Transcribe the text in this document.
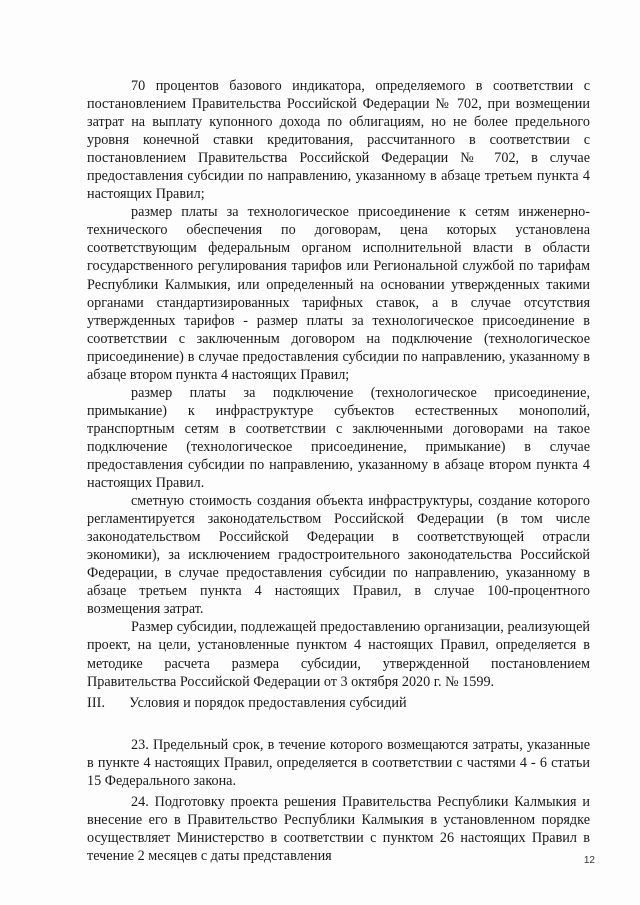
70 процентов базового индикатора, определяемого в соответствии с постановлением Правительства Российской Федерации № 702, при возмещении затрат на выплату купонного дохода по облигациям, но не более предельного уровня конечной ставки кредитования, рассчитанного в соответствии с постановлением Правительства Российской Федерации № 702, в случае предоставления субсидии по направлению, указанному в абзаце третьем пункта 4 настоящих Правил;

размер платы за технологическое присоединение к сетям инженерно-технического обеспечения по договорам, цена которых установлена соответствующим федеральным органом исполнительной власти в области государственного регулирования тарифов или Региональной службой по тарифам Республики Калмыкия, или определенный на основании утвержденных такими органами стандартизированных тарифных ставок, а в случае отсутствия утвержденных тарифов - размер платы за технологическое присоединение в соответствии с заключенным договором на подключение (технологическое присоединение) в случае предоставления субсидии по направлению, указанному в абзаце втором пункта 4 настоящих Правил;

размер платы за подключение (технологическое присоединение, примыкание) к инфраструктуре субъектов естественных монополий, транспортным сетям в соответствии с заключенными договорами на такое подключение (технологическое присоединение, примыкание) в случае предоставления субсидии по направлению, указанному в абзаце втором пункта 4 настоящих Правил.

сметную стоимость создания объекта инфраструктуры, создание которого регламентируется законодательством Российской Федерации (в том числе законодательством Российской Федерации в соответствующей отрасли экономики), за исключением градостроительного законодательства Российской Федерации, в случае предоставления субсидии по направлению, указанному в абзаце третьем пункта 4 настоящих Правил, в случае 100-процентного возмещения затрат.

Размер субсидии, подлежащей предоставлению организации, реализующей проект, на цели, установленные пунктом 4 настоящих Правил, определяется в методике расчета размера субсидии, утвержденной постановлением Правительства Российской Федерации от 3 октября 2020 г. № 1599.

III. Условия и порядок предоставления субсидий

23. Предельный срок, в течение которого возмещаются затраты, указанные в пункте 4 настоящих Правил, определяется в соответствии с частями 4 - 6 статьи 15 Федерального закона.

24. Подготовку проекта решения Правительства Республики Калмыкия и внесение его в Правительство Республики Калмыкия в установленном порядке осуществляет Министерство в соответствии с пунктом 26 настоящих Правил в течение 2 месяцев с даты представления	12
